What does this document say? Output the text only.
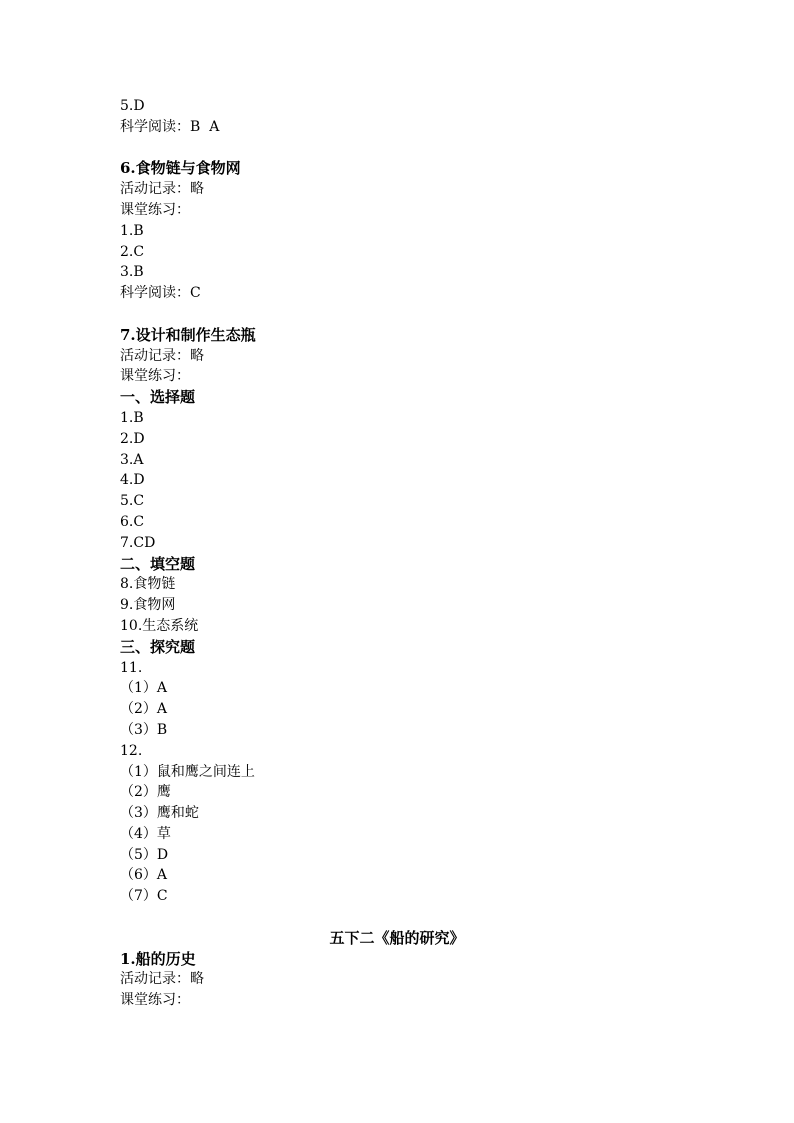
5.D
科学阅读：B  A
6.食物链与食物网
活动记录：略
课堂练习：
1.B
2.C
3.B
科学阅读：C
7.设计和制作生态瓶
活动记录：略
课堂练习：
一、选择题
1.B
2.D
3.A
4.D
5.C
6.C
7.CD
二、填空题
8.食物链
9.食物网
10.生态系统
三、探究题
11.
（1）A
（2）A
（3）B
12.
（1）鼠和鹰之间连上
（2）鹰
（3）鹰和蛇
（4）草
（5）D
（6）A
（7）C
五下二《船的研究》
1.船的历史
活动记录：略
课堂练习：
